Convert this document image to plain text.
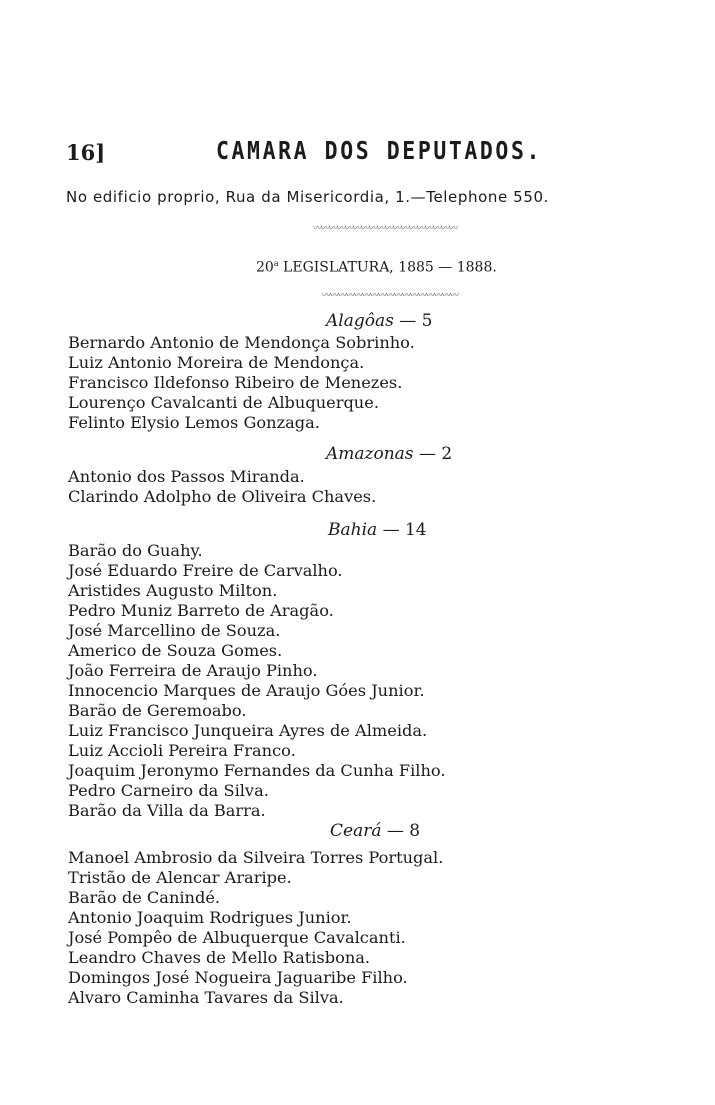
16]	CAMARA DOS DEPUTADOS.
No edificio proprio, Rua da Misericordia, 1.—Telephone 550.
〰〰〰〰〰〰〰〰〰〰〰〰〰〰〰〰〰〰
20$^a$ LEGISLATURA, 1885 — 1888.
〰〰〰〰〰〰〰〰〰〰〰〰〰〰〰〰〰
Alagôas — 5
Bernardo Antonio de Mendonça Sobrinho.
Luiz Antonio Moreira de Mendonça.
Francisco Ildefonso Ribeiro de Menezes.
Lourenço Cavalcanti de Albuquerque.
Felinto Elysio Lemos Gonzaga.
Amazonas — 2
Antonio dos Passos Miranda.
Clarindo Adolpho de Oliveira Chaves.
Bahia — 14
Barão do Guahy.
José Eduardo Freire de Carvalho.
Aristides Augusto Milton.
Pedro Muniz Barreto de Aragão.
José Marcellino de Souza.
Americo de Souza Gomes.
João Ferreira de Araujo Pinho.
Innocencio Marques de Araujo Góes Junior.
Barão de Geremoabo.
Luiz Francisco Junqueira Ayres de Almeida.
Luiz Accioli Pereira Franco.
Joaquim Jeronymo Fernandes da Cunha Filho.
Pedro Carneiro da Silva.
Barão da Villa da Barra.
Ceará — 8
Manoel Ambrosio da Silveira Torres Portugal.
Tristão de Alencar Araripe.
Barão de Canindé.
Antonio Joaquim Rodrigues Junior.
José Pompêo de Albuquerque Cavalcanti.
Leandro Chaves de Mello Ratisbona.
Domingos José Nogueira Jaguaribe Filho.
Alvaro Caminha Tavares da Silva.
